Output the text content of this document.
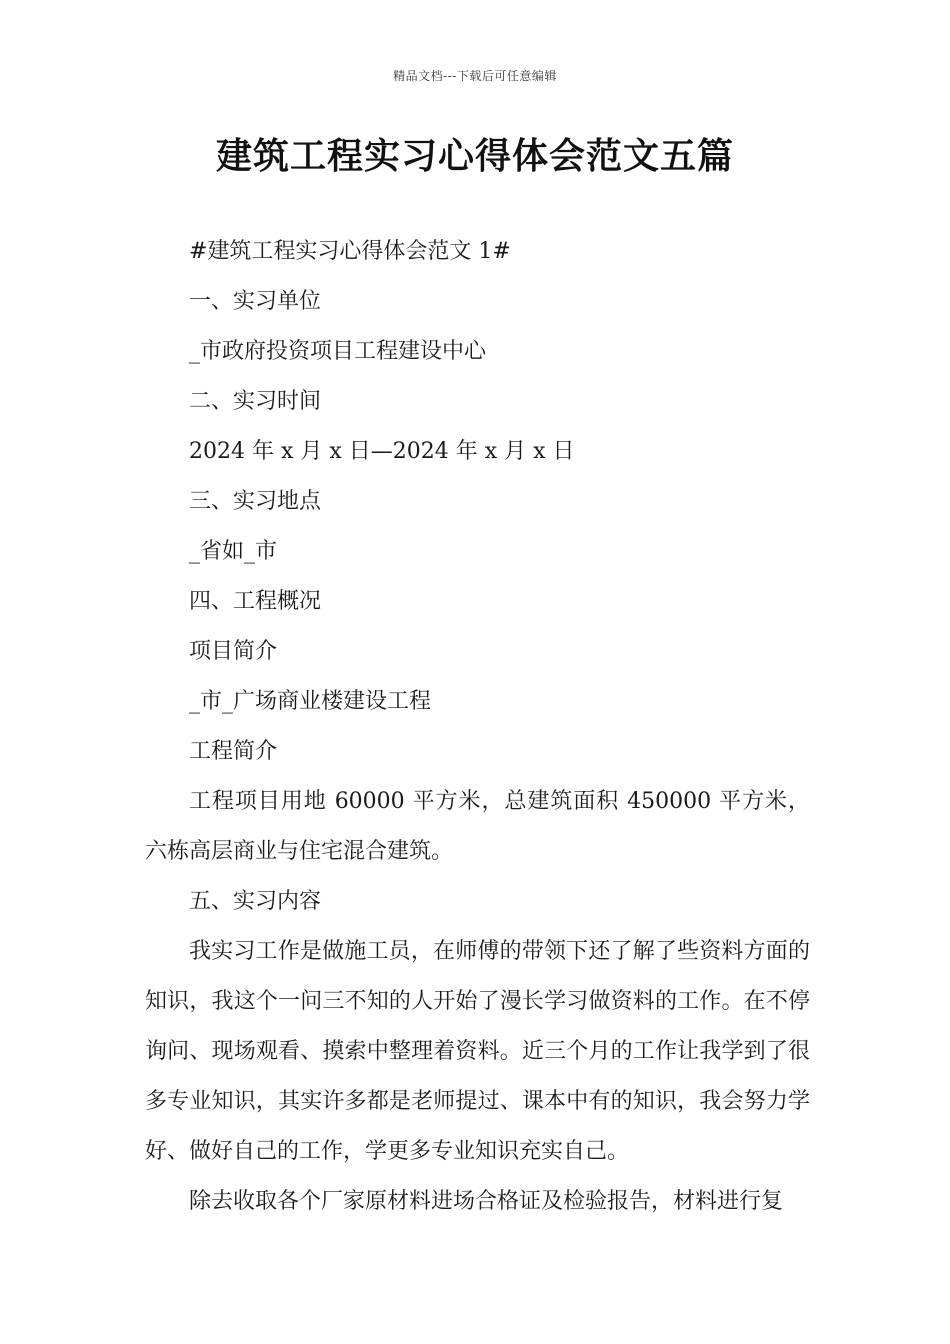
精品文档---下载后可任意编辑
建筑工程实习心得体会范文五篇

#建筑工程实习心得体会范文 1#

一、实习单位

_市政府投资项目工程建设中心

二、实习时间

2024 年 x 月 x 日—2024 年 x 月 x 日

三、实习地点

_省如_市

四、工程概况

项目简介

_市_广场商业楼建设工程

工程简介

工程项目用地 60000 平方米，总建筑面积 450000 平方米，六栋高层商业与住宅混合建筑。

五、实习内容

我实习工作是做施工员，在师傅的带领下还了解了些资料方面的知识，我这个一问三不知的人开始了漫长学习做资料的工作。在不停询问、现场观看、摸索中整理着资料。近三个月的工作让我学到了很多专业知识，其实许多都是老师提过、课本中有的知识，我会努力学好、做好自己的工作，学更多专业知识充实自己。

除去收取各个厂家原材料进场合格证及检验报告，材料进行复
